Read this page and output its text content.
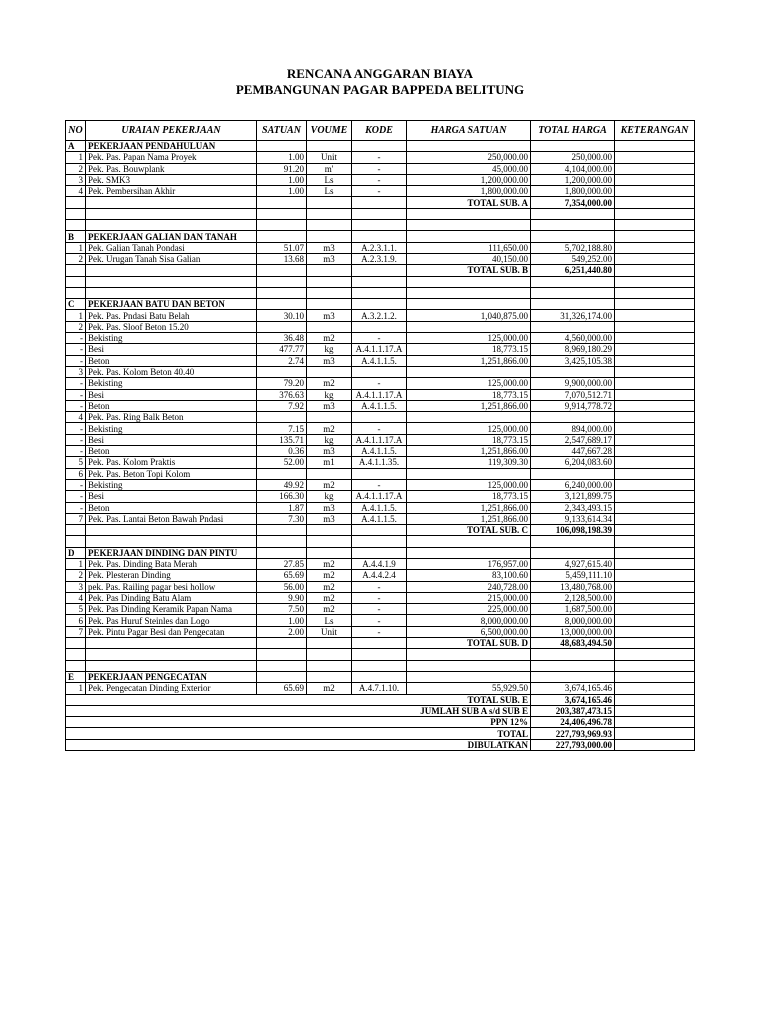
RENCANA ANGGARAN BIAYA
PEMBANGUNAN PAGAR BAPPEDA BELITUNG
NO	URAIAN PEKERJAAN	SATUAN	VOUME	KODE	HARGA SATUAN	TOTAL HARGA	KETERANGAN
A	PEKERJAAN PENDAHULUAN						
1	Pek. Pas. Papan Nama Proyek	1.00	Unit	-	250,000.00	250,000.00	
2	Pek. Pas. Bouwplank	91.20	m'	-	45,000.00	4,104,000.00	
3	Pek. SMK3	1.00	Ls	-	1,200,000.00	1,200,000.00	
4	Pek. Pembersihan Akhir	1.00	Ls	-	1,800,000.00	1,800,000.00	
					TOTAL SUB. A	7,354,000.00	

B	PEKERJAAN GALIAN DAN TANAH						
1	Pek. Galian Tanah Pondasi	51.07	m3	A.2.3.1.1.	111,650.00	5,702,188.80	
2	Pek. Urugan Tanah Sisa Galian	13.68	m3	A.2.3.1.9.	40,150.00	549,252.00	
					TOTAL SUB. B	6,251,440.80	

C	PEKERJAAN BATU DAN BETON						
1	Pek. Pas. Pndasi Batu Belah	30.10	m3	A.3.2.1.2.	1,040,875.00	31,326,174.00	
2	Pek. Pas. Sloof Beton 15.20						
-	Bekisting	36.48	m2	-	125,000.00	4,560,000.00	
-	Besi	477.77	kg	A.4.1.1.17.A	18,773.15	8,969,180.29	
-	Beton	2.74	m3	A.4.1.1.5.	1,251,866.00	3,425,105.38	
3	Pek. Pas. Kolom Beton 40.40						
-	Bekisting	79.20	m2	-	125,000.00	9,900,000.00	
-	Besi	376.63	kg	A.4.1.1.17.A	18,773.15	7,070,512.71	
-	Beton	7.92	m3	A.4.1.1.5.	1,251,866.00	9,914,778.72	
4	Pek. Pas. Ring Balk Beton						
-	Bekisting	7.15	m2	-	125,000.00	894,000.00	
-	Besi	135.71	kg	A.4.1.1.17.A	18,773.15	2,547,689.17	
-	Beton	0.36	m3	A.4.1.1.5.	1,251,866.00	447,667.28	
5	Pek. Pas. Kolom Praktis	52.00	m1	A.4.1.1.35.	119,309.30	6,204,083.60	
6	Pek. Pas. Beton Topi Kolom						
-	Bekisting	49.92	m2	-	125,000.00	6,240,000.00	
-	Besi	166.30	kg	A.4.1.1.17.A	18,773.15	3,121,899.75	
-	Beton	1.87	m3	A.4.1.1.5.	1,251,866.00	2,343,493.15	
7	Pek. Pas. Lantai Beton Bawah Pndasi	7.30	m3	A.4.1.1.5.	1,251,866.00	9,133,614.34	
					TOTAL SUB. C	106,098,198.39	

D	PEKERJAAN DINDING DAN PINTU						
1	Pek. Pas. Dinding Bata Merah	27.85	m2	A.4.4.1.9	176,957.00	4,927,615.40	
2	Pek. Plesteran Dinding	65.69	m2	A.4.4.2.4	83,100.60	5,459,111.10	
3	pek. Pas. Railing pagar besi hollow	56.00	m2	-	240,728.00	13,480,768.00	
4	Pek. Pas Dinding Batu Alam	9.90	m2	-	215,000.00	2,128,500.00	
5	Pek. Pas Dinding Keramik Papan Nama	7.50	m2	-	225,000.00	1,687,500.00	
6	Pek. Pas Huruf Steinles dan Logo	1.00	Ls	-	8,000,000.00	8,000,000.00	
7	Pek. Pintu Pagar Besi dan Pengecatan	2.00	Unit	-	6,500,000.00	13,000,000.00	
					TOTAL SUB. D	48,683,494.50	

E	PEKERJAAN PENGECATAN						
1	Pek. Pengecatan Dinding Exterior	65.69	m2	A.4.7.1.10.	55,929.50	3,674,165.46	
TOTAL SUB. E						3,674,165.46	
JUMLAH SUB A s/d SUB E						203,387,473.15	
PPN 12%						24,406,496.78	
TOTAL						227,793,969.93	
DIBULATKAN						227,793,000.00	
